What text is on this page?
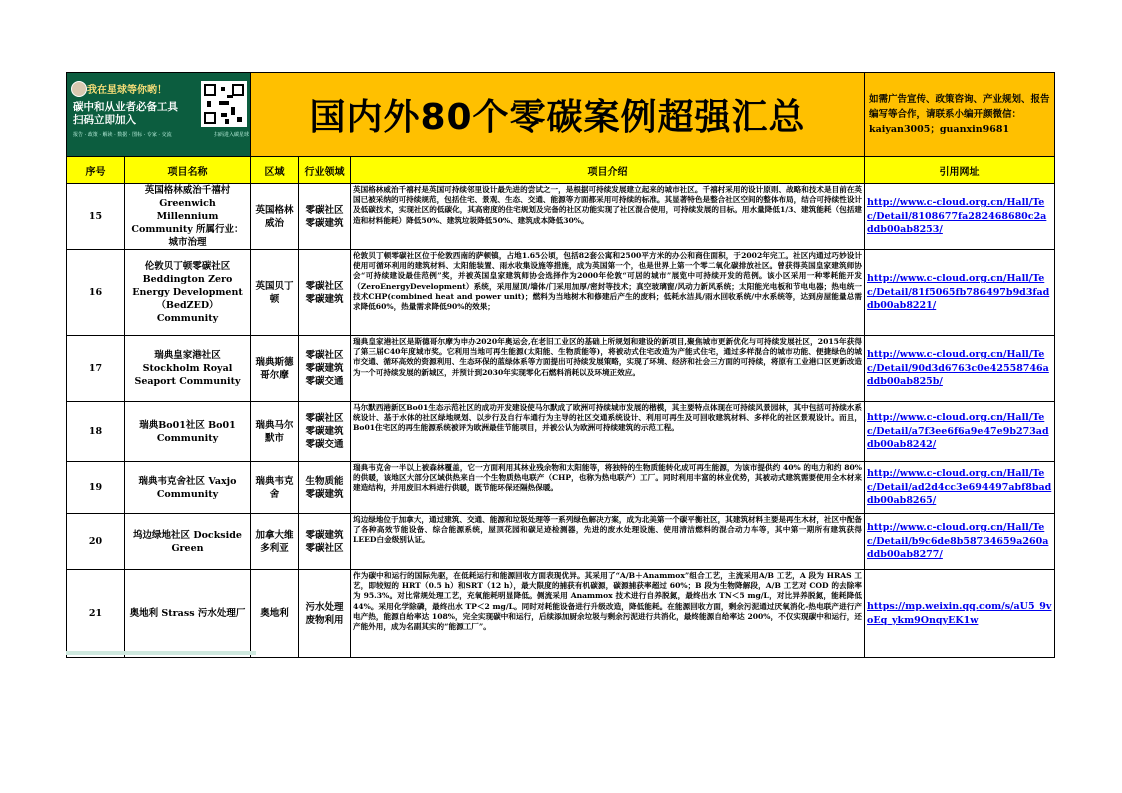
我在星球等你哟！
碳中和从业者必备工具
扫码立即加入
报告 · 政策 · 解读 · 数据 · 图标 · 专家 · 交流 扫码进入碳星球		国内外80个零碳案例超强汇总			如需广告宣传、政策咨询、产业规划、报告编写等合作，请联系小编开颜微信：kaiyan3005；guanxin9681
序号	项目名称	区域	行业领域	项目介绍	引用网址
15	英国格林威治千禧村 Greenwich Millennium Community 所属行业：城市治理	英国格林威治	零碳社区 零碳建筑	英国格林威治千禧村是英国可持续邻里设计最先进的尝试之一，是根据可持续发展建立起来的城市社区。千禧村采用的设计原则、战略和技术是目前在英国已被采纳的可持续规范，包括住宅、景观、生态、交通、能源等方面都采用可持续的标准。其显著特色是整合社区空间的整体布局，结合可持续性设计及低碳技术，实现社区的低碳化，其高密度的住宅规划及完备的社区功能实现了社区混合使用，可持续发展的目标。用水量降低1/3、建筑能耗（包括建造和材料能耗）降低50%、建筑垃圾降低50%、建筑成本降低30%。	http://www.c-cloud.org.cn/Hall/Tec/Detail/8108677fa282468680c2addb00ab8253/

16	伦敦贝丁顿零碳社区 Beddington Zero Energy Development （BedZED） Community	英国贝丁顿	零碳社区 零碳建筑	伦敦贝丁顿零碳社区位于伦敦西南的萨顿镇，占地1.65公顷，包括82套公寓和2500平方米的办公和商住面积，于2002年完工。社区内通过巧妙设计使用可循环利用的建筑材料、太阳能装置、雨水收集设施等措施，成为英国第一个，也是世界上第一个零二氧化碳排放社区。曾获得英国皇家建筑师协会“可持续建设最佳范例”奖，并被英国皇家建筑师协会选择作为2000年伦敦“可居的城市”展览中可持续开发的范例。该小区采用一种零耗能开发（ZeroEnergyDevelopment）系统，采用屋顶/墙体/门采用加厚/密封等技术；真空玻璃窗/风动力新风系统；太阳能光电板和节电电器；热电统一技术CHP(combined heat and power unit)；燃料为当地树木和修建后产生的废料；低耗水洁具/雨水回收系统/中水系统等，达到房屋能量总需求降低60%，热量需求降低90%的效果；	http://www.c-cloud.org.cn/Hall/Tec/Detail/81f5065fb786497b9d3faddb00ab8221/

17	瑞典皇家港社区 Stockholm Royal Seaport Community	瑞典斯德哥尔摩	零碳社区 零碳建筑 零碳交通	瑞典皇家港社区是斯德哥尔摩为申办2020年奥运会,在老旧工业区的基础上所规划和建设的新项目,聚焦城市更新优化与可持续发展社区，2015年获得了第三届C40年度城市奖。它利用当地可再生能源(太阳能、生物质能等)，将被动式住宅改造为产能式住宅，通过多样混合的城市功能、便捷绿色的城市交通、循环高效的资源利用、生态环保的蓝绿体系等方面提出可持续发展策略，实现了环境、经济和社会三方面的可持续，将原有工业港口区更新改造为一个可持续发展的新城区，并预计到2030年实现零化石燃料消耗以及环境正效应。	http://www.c-cloud.org.cn/Hall/Tec/Detail/90d3d6763c0e42558746addb00ab825b/

18	瑞典Bo01社区 Bo01 Community	瑞典马尔默市	零碳社区 零碳建筑 零碳交通	马尔默西港新区Bo01生态示范社区的成功开发建设使马尔默成了欧洲可持续城市发展的楷模，其主要特点体现在可持续风景园林，其中包括可持续水系统设计、基于水体的社区绿地规划、以步行及自行车通行为主导的社区交通系统设计、利用可再生及可回收建筑材料、多样化的社区景观设计。而且，Bo01住宅区的再生能源系统被评为欧洲最佳节能项目，并被公认为欧洲可持续建筑的示范工程。	http://www.c-cloud.org.cn/Hall/Tec/Detail/a7f3ee6f6a9e47e9b273addb00ab8242/

19	瑞典韦克舍社区 Vaxjo Community	瑞典韦克舍	生物质能 零碳建筑	瑞典韦克舍一半以上被森林覆盖，它一方面利用其林业残余物和太阳能等，将独特的生物质能转化成可再生能源，为该市提供约 40% 的电力和约 80% 的供暖，该地区大部分区域供热来自一个生物质热电联产（CHP，也称为热电联产）工厂。同时利用丰富的林业优势，其被动式建筑需要使用全木材来建造结构，并用废旧木料进行供暖，既节能环保还隔热保暖。	http://www.c-cloud.org.cn/Hall/Tec/Detail/ad2d4cc3e694497abf8baddb00ab8265/

20	坞边绿地社区 Dockside Green	加拿大维多利亚	零碳建筑 零碳社区	坞边绿地位于加拿大，通过建筑、交通、能源和垃圾处理等一系列绿色解决方案，成为北美第一个碳平衡社区，其建筑材料主要是再生木材，社区中配备了各种高效节能设备、综合能源系统，屋顶花园和碳足迹检测器，先进的废水处理设施、使用清洁燃料的混合动力车等，其中第一期所有建筑获得LEED白金级别认证。	http://www.c-cloud.org.cn/Hall/Tec/Detail/b9c6de8b58734659a260addb00ab8277/

21	奥地利 Strass 污水处理厂	奥地利	污水处理 废物利用	作为碳中和运行的国际先驱，在低耗运行和能源回收方面表现优异。其采用了“A/B＋Anammox”组合工艺，主流采用A/B 工艺，A 段为 HRAS 工艺，即较短的 HRT（0.5 h）和SRT（12 h），最大限度的捕获有机碳源，碳源捕获率超过 60%；B 段为生物降解段，A/B 工艺对 COD 的去除率为 95.3%。对比常规处理工艺，充氧能耗明显降低。侧流采用 Anammox 技术进行自养脱氮，最终出水 TN＜5 mg/L，对比异养脱氮，能耗降低 44%。采用化学除磷，最终出水 TP＜2 mg/L。同时对耗能设备进行升级改造，降低能耗。在能源回收方面，剩余污泥通过厌氧消化-热电联产进行产电产热，能源自给率达 108%，完全实现碳中和运行，后续添加厨余垃圾与剩余污泥进行共消化，最终能源自给率达 200%，不仅实现碳中和运行，还产能外用，成为名副其实的“能源工厂”。	https://mp.weixin.qq.com/s/aU5_9voEq_ykm9OnqyEK1w
